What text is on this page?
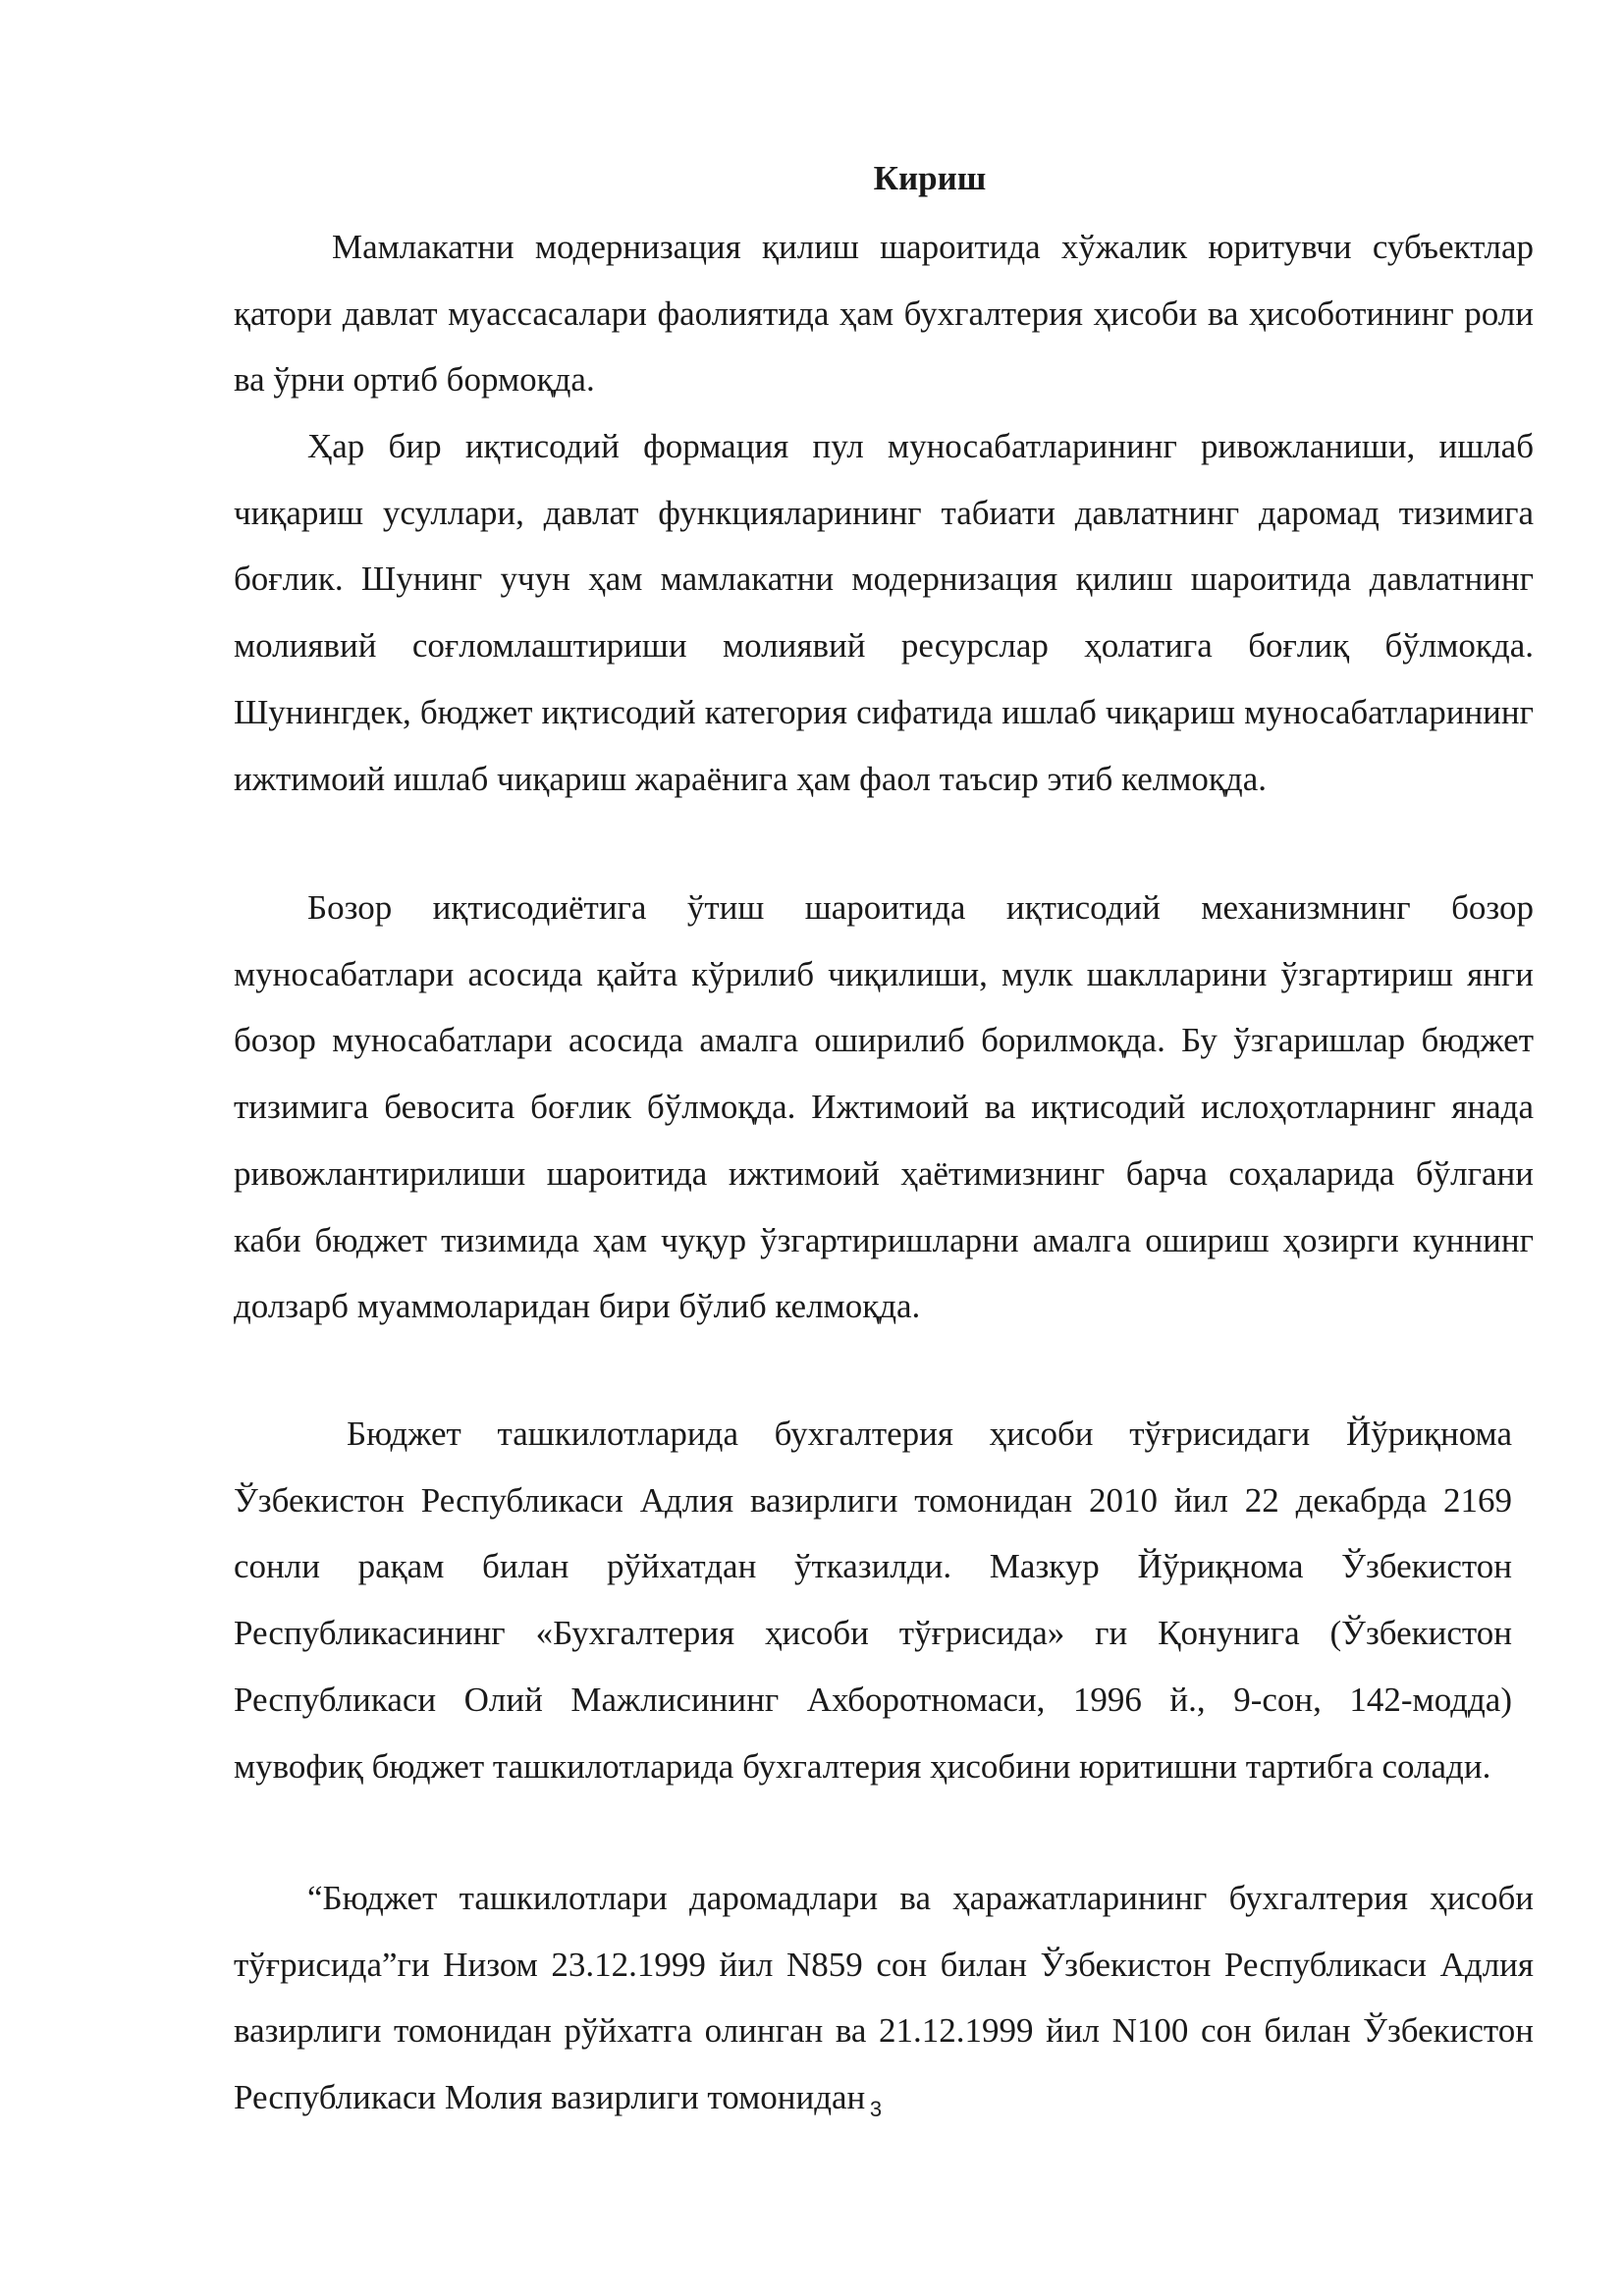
Кириш

Мамлакатни модернизация қилиш шароитида хўжалик юритувчи субъектлар қатори давлат муассасалари фаолиятида ҳам бухгалтерия ҳисоби ва ҳисоботининг роли ва ўрни ортиб бормоқда.

Ҳар бир иқтисодий формация пул муносабатларининг ривожланиши, ишлаб чиқариш усуллари, давлат функцияларининг табиати давлатнинг даромад тизимига боғлик. Шунинг учун ҳам мамлакатни модернизация қилиш шароитида давлатнинг молиявий соғломлаштириши молиявий ресурслар ҳолатига боғлиқ бўлмокда. Шунингдек, бюджет иқтисодий категория сифатида ишлаб чиқариш муносабатларининг ижтимоий ишлаб чиқариш жараёнига ҳам фаол таъсир этиб келмоқда.

Бозор иқтисодиётига ўтиш шароитида иқтисодий механизмнинг бозор муносабатлари асосида қайта кўрилиб чиқилиши, мулк шаклларини ўзгартириш янги бозор муносабатлари асосида амалга оширилиб борилмоқда. Бу ўзгаришлар бюджет тизимига бевосита боғлик бўлмоқда. Ижтимоий ва иқтисодий ислоҳотларнинг янада ривожлантирилиши шароитида ижтимоий ҳаётимизнинг барча соҳаларида бўлгани каби бюджет тизимида ҳам чуқур ўзгартиришларни амалга ошириш ҳозирги куннинг долзарб муаммоларидан бири бўлиб келмоқда.

Бюджет ташкилотларида бухгалтерия ҳисоби тўғрисидаги Йўриқнома Ўзбекистон Республикаси Адлия вазирлиги томонидан 2010 йил 22 декабрда 2169 сонли рақам билан рўйхатдан ўтказилди. Мазкур Йўриқнома Ўзбекистон Республикасининг «Бухгалтерия ҳисоби тўғрисида» ги Қонунига (Ўзбекистон Республикаси Олий Мажлисининг Ахборотномаси, 1996 й., 9-сон, 142-модда) мувофиқ бюджет ташкилотларида бухгалтерия ҳисобини юритишни тартибга солади.

“Бюджет ташкилотлари даромадлари ва ҳаражатларининг бухгалтерия ҳисоби тўғрисида”ги Низом 23.12.1999 йил N859 сон билан Ўзбекистон Республикаси Адлия вазирлиги томонидан рўйхатга олинган ва 21.12.1999 йил N100 сон билан Ўзбекистон Республикаси Молия вазирлиги томонидан 3
